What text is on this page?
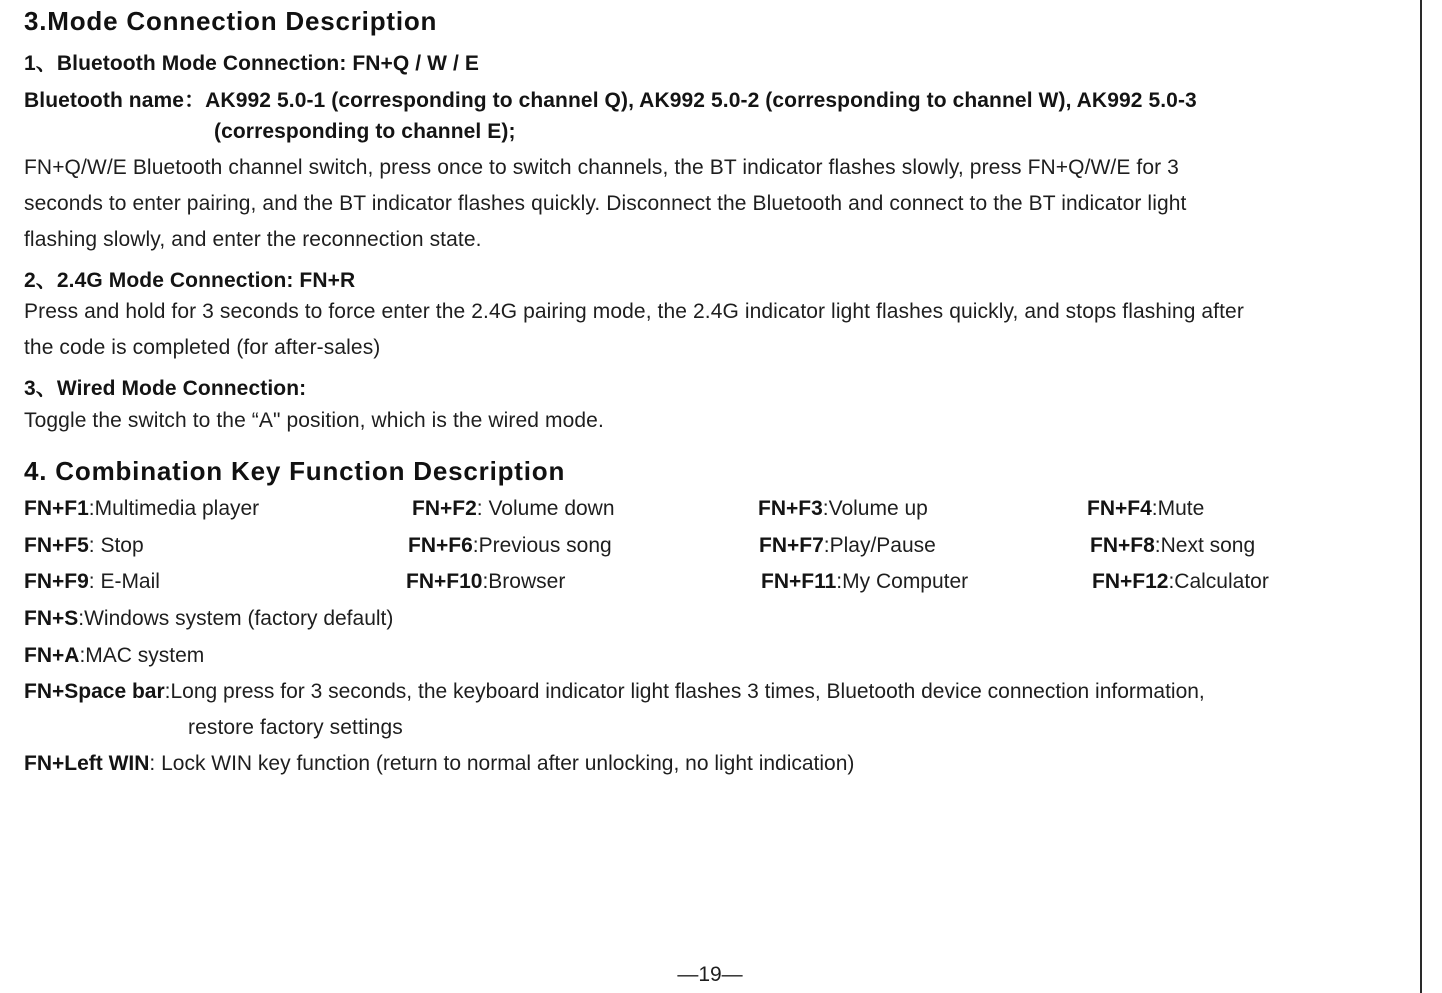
3.Mode Connection Description
1、Bluetooth Mode Connection: FN+Q / W / E
Bluetooth name：AK992 5.0-1 (corresponding to channel Q), AK992 5.0-2 (corresponding to channel W), AK992 5.0-3
(corresponding to channel E);
FN+Q/W/E Bluetooth channel switch, press once to switch channels, the BT indicator flashes slowly, press FN+Q/W/E for 3
seconds to enter pairing, and the BT indicator flashes quickly. Disconnect the Bluetooth and connect to the BT indicator light
flashing slowly, and enter the reconnection state.
2、2.4G Mode Connection: FN+R
Press and hold for 3 seconds to force enter the 2.4G pairing mode, the 2.4G indicator light flashes quickly, and stops flashing after
the code is completed (for after-sales)
3、Wired Mode Connection:
Toggle the switch to the “A" position, which is the wired mode.
4. Combination Key Function Description
FN+F1:Multimedia player	FN+F2: Volume down	FN+F3:Volume up	FN+F4:Mute
FN+F5: Stop	FN+F6:Previous song	FN+F7:Play/Pause	FN+F8:Next song
FN+F9: E-Mail	FN+F10:Browser	FN+F11:My Computer	FN+F12:Calculator
FN+S:Windows system (factory default)
FN+A:MAC system
FN+Space bar:Long press for 3 seconds, the keyboard indicator light flashes 3 times, Bluetooth device connection information,
restore factory settings
FN+Left WIN: Lock WIN key function (return to normal after unlocking, no light indication)
—19—
